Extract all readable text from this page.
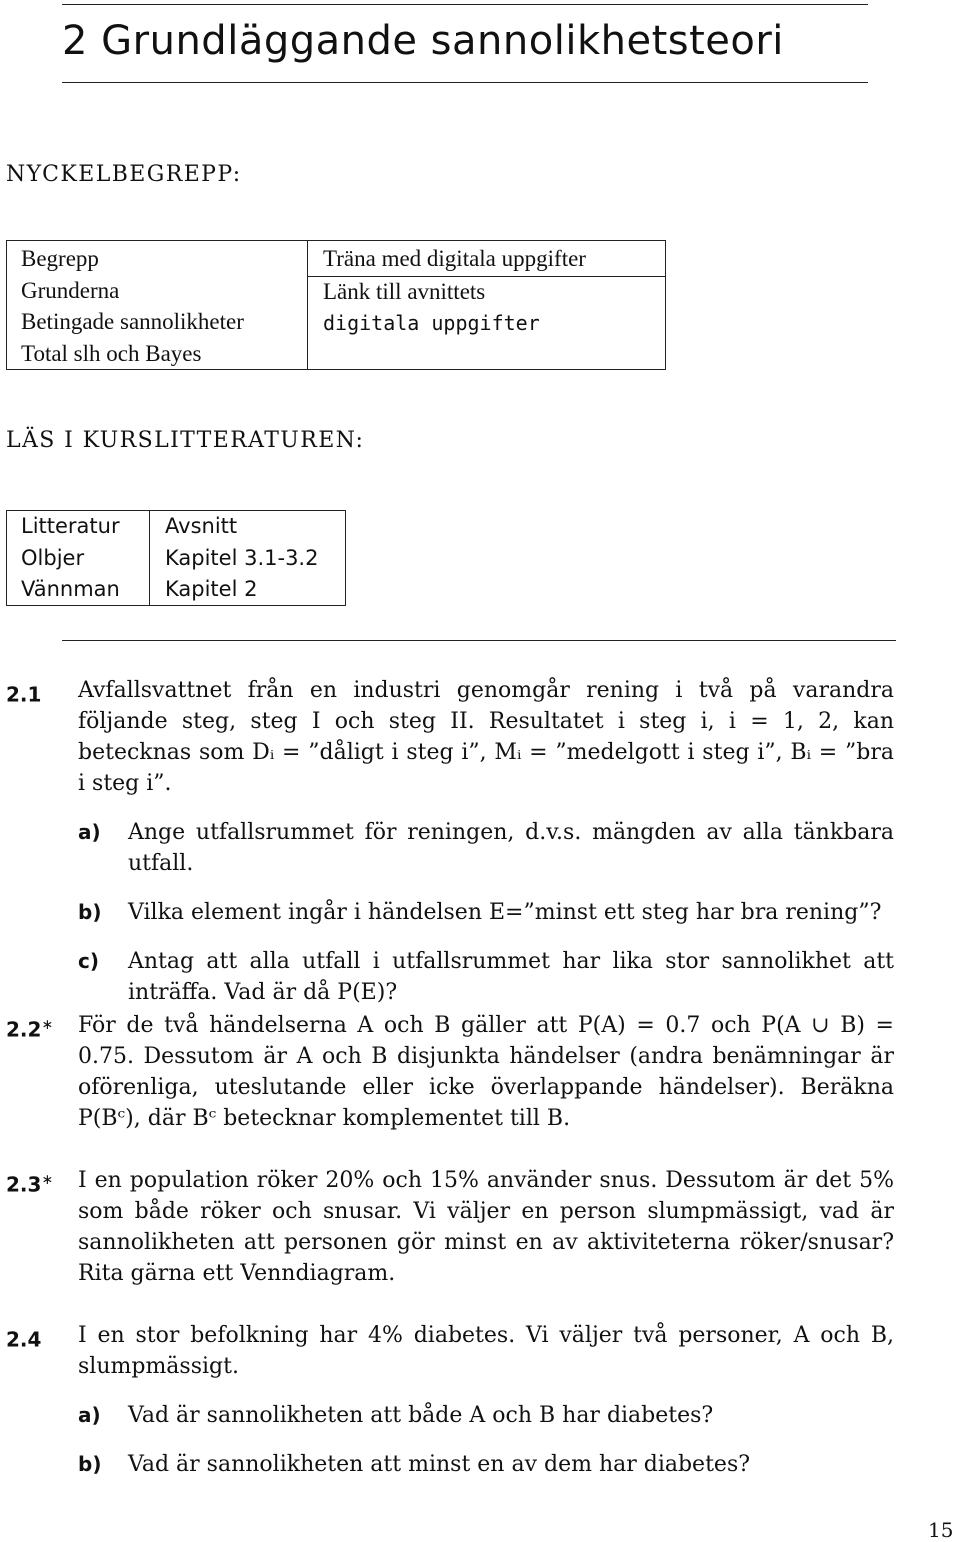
2 Grundläggande sannolikhetsteori
NYCKELBEGREPP:
Begrepp
Grunderna
Betingade sannolikheter
Total slh och Bayes
Träna med digitala uppgifter
Länk till avnittets
digitala uppgifter
LÄS I KURSLITTERATUREN:
Litteratur
Olbjer
Vännman
Avsnitt
Kapitel 3.1-3.2
Kapitel 2
2.1 Avfallsvattnet från en industri genomgår rening i två på varandra följande steg, steg I och steg II. Resultatet i steg i, i = 1, 2, kan betecknas som Dᵢ = ”dåligt i steg i”, Mᵢ = ”medelgott i steg i”, Bᵢ = ”bra i steg i”.
a) Ange utfallsrummet för reningen, d.v.s. mängden av alla tänkbara utfall.
b) Vilka element ingår i händelsen E=”minst ett steg har bra rening”?
c) Antag att alla utfall i utfallsrummet har lika stor sannolikhet att inträffa. Vad är då P(E)?
2.2∗ För de två händelserna A och B gäller att P(A) = 0.7 och P(A ∪ B) = 0.75. Dessutom är A och B disjunkta händelser (andra benämningar är oförenliga, uteslutande eller icke överlappande händelser). Beräkna P(Bᶜ), där Bᶜ betecknar komplementet till B.
2.3∗ I en population röker 20% och 15% använder snus. Dessutom är det 5% som både röker och snusar. Vi väljer en person slumpmässigt, vad är sannolikheten att personen gör minst en av aktiviteterna röker/snusar? Rita gärna ett Venndiagram.
2.4 I en stor befolkning har 4% diabetes. Vi väljer två personer, A och B, slumpmässigt.
a) Vad är sannolikheten att både A och B har diabetes?
b) Vad är sannolikheten att minst en av dem har diabetes?
15
